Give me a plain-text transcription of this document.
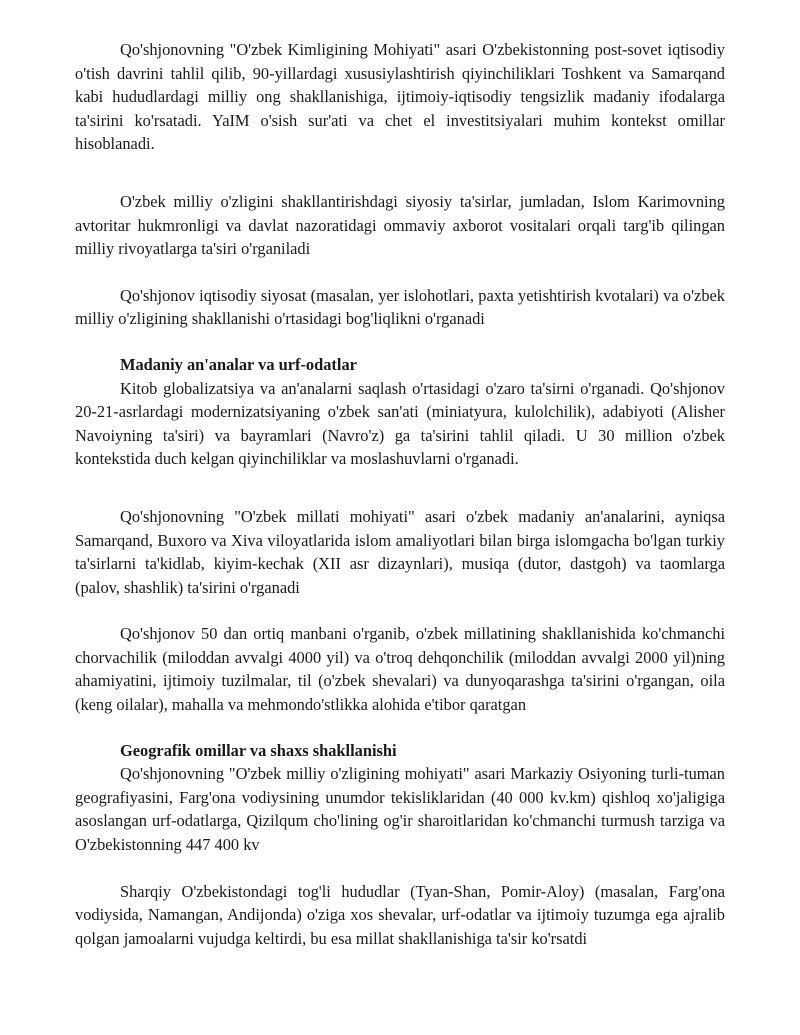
Qo'shjonovning "O'zbek Kimligining Mohiyati" asari O'zbekistonning post-sovet iqtisodiy o'tish davrini tahlil qilib, 90-yillardagi xususiylashtirish qiyinchiliklari Toshkent va Samarqand kabi hududlardagi milliy ong shakllanishiga, ijtimoiy-iqtisodiy tengsizlik madaniy ifodalarga ta'sirini ko'rsatadi. YaIM o'sish sur'ati va chet el investitsiyalari muhim kontekst omillar hisoblanadi.

O'zbek milliy o'zligini shakllantirishdagi siyosiy ta'sirlar, jumladan, Islom Karimovning avtoritar hukmronligi va davlat nazoratidagi ommaviy axborot vositalari orqali targ'ib qilingan milliy rivoyatlarga ta'siri o'rganiladi

Qo'shjonov iqtisodiy siyosat (masalan, yer islohotlari, paxta yetishtirish kvotalari) va o'zbek milliy o'zligining shakllanishi o'rtasidagi bog'liqlikni o'rganadi

Madaniy an'analar va urf-odatlar

Kitob globalizatsiya va an'analarni saqlash o'rtasidagi o'zaro ta'sirni o'rganadi. Qo'shjonov 20-21-asrlardagi modernizatsiyaning o'zbek san'ati (miniatyura, kulolchilik), adabiyoti (Alisher Navoiyning ta'siri) va bayramlari (Navro'z) ga ta'sirini tahlil qiladi. U 30 million o'zbek kontekstida duch kelgan qiyinchiliklar va moslashuvlarni o'rganadi.

Qo'shjonovning "O'zbek millati mohiyati" asari o'zbek madaniy an'analarini, ayniqsa Samarqand, Buxoro va Xiva viloyatlarida islom amaliyotlari bilan birga islomgacha bo'lgan turkiy ta'sirlarni ta'kidlab, kiyim-kechak (XII asr dizaynlari), musiqa (dutor, dastgoh) va taomlarga (palov, shashlik) ta'sirini o'rganadi

Qo'shjonov 50 dan ortiq manbani o'rganib, o'zbek millatining shakllanishida ko'chmanchi chorvachilik (miloddan avvalgi 4000 yil) va o'troq dehqonchilik (miloddan avvalgi 2000 yil)ning ahamiyatini, ijtimoiy tuzilmalar, til (o'zbek shevalari) va dunyoqarashga ta'sirini o'rgangan, oila (keng oilalar), mahalla va mehmondo'stlikka alohida e'tibor qaratgan

Geografik omillar va shaxs shakllanishi

Qo'shjonovning "O'zbek milliy o'zligining mohiyati" asari Markaziy Osiyoning turli-tuman geografiyasini, Farg'ona vodiysining unumdor tekisliklaridan (40 000 kv.km) qishloq xo'jaligiga asoslangan urf-odatlarga, Qizilqum cho'lining og'ir sharoitlaridan ko'chmanchi turmush tarziga va O'zbekistonning 447 400 kv

Sharqiy O'zbekistondagi tog'li hududlar (Tyan-Shan, Pomir-Aloy) (masalan, Farg'ona vodiysida, Namangan, Andijonda) o'ziga xos shevalar, urf-odatlar va ijtimoiy tuzumga ega ajralib qolgan jamoalarni vujudga keltirdi, bu esa millat shakllanishiga ta'sir ko'rsatdi
